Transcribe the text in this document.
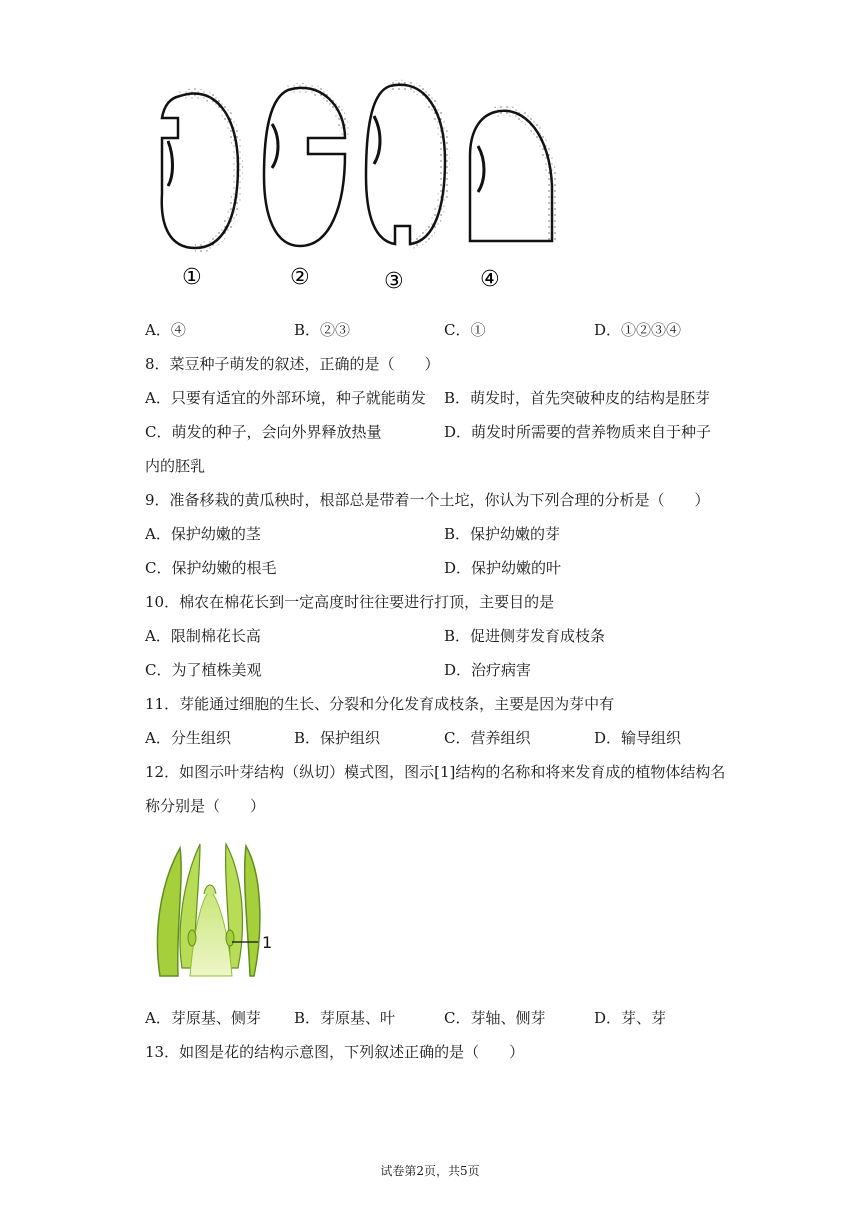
①	②	③	④
A．④	B．②③	C．①	D．①②③④
8．菜豆种子萌发的叙述，正确的是（　　）
A．只要有适宜的外部环境，种子就能萌发 B．萌发时，首先突破种皮的结构是胚芽
C．萌发的种子，会向外界释放热量	D．萌发时所需要的营养物质来自于种子
内的胚乳
9．准备移栽的黄瓜秧时，根部总是带着一个土坨，你认为下列合理的分析是（　　）
A．保护幼嫩的茎	B．保护幼嫩的芽
C．保护幼嫩的根毛	D．保护幼嫩的叶
10．棉农在棉花长到一定高度时往往要进行打顶，主要目的是
A．限制棉花长高	B．促进侧芽发育成枝条
C．为了植株美观	D．治疗病害
11．芽能通过细胞的生长、分裂和分化发育成枝条，主要是因为芽中有
A．分生组织	B．保护组织	C．营养组织	D．输导组织
12．如图示叶芽结构（纵切）模式图，图示[1]结构的名称和将来发育成的植物体结构名
称分别是（　　）
1
A．芽原基、侧芽 B．芽原基、叶	C．芽轴、侧芽	D．芽、芽
13．如图是花的结构示意图，下列叙述正确的是（　　）
试卷第2页，共5页
